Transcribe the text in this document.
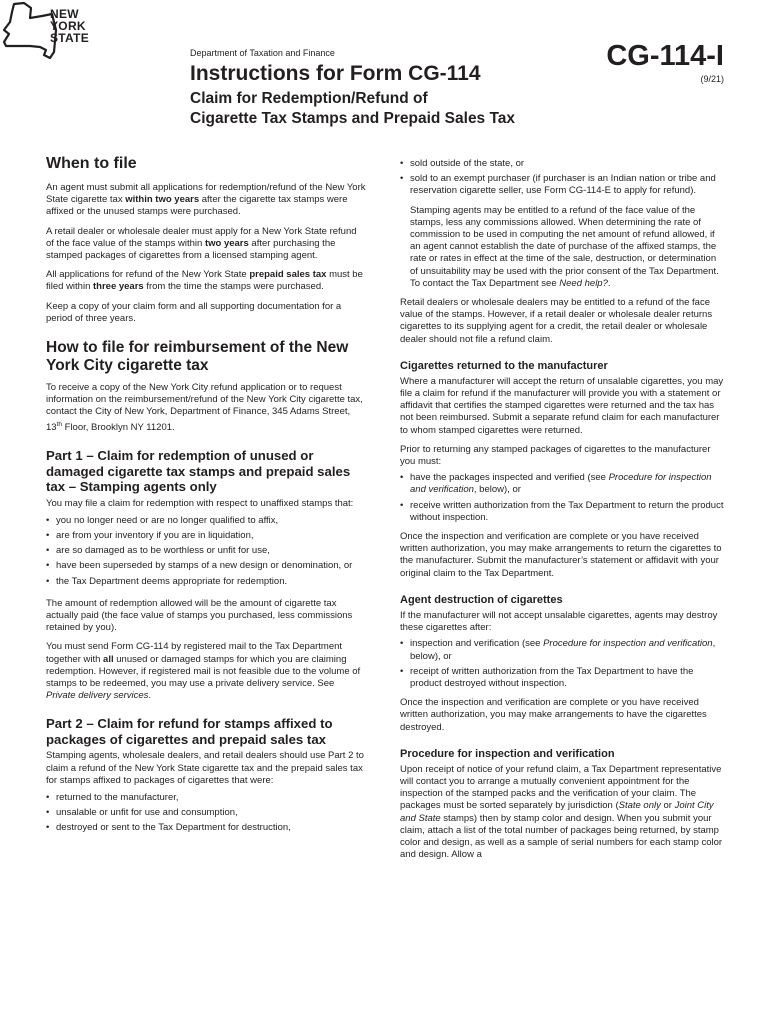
NEW
YORK
STATE
Department of Taxation and Finance
Instructions for Form CG-114
Claim for Redemption/Refund of
Cigarette Tax Stamps and Prepaid Sales Tax
CG-114-I
(9/21)
When to file

An agent must submit all applications for redemption/refund of the New York State cigarette tax within two years after the cigarette tax stamps were affixed or the unused stamps were purchased.

A retail dealer or wholesale dealer must apply for a New York State refund of the face value of the stamps within two years after purchasing the stamped packages of cigarettes from a licensed stamping agent.

All applications for refund of the New York State prepaid sales tax must be filed within three years from the time the stamps were purchased.

Keep a copy of your claim form and all supporting documentation for a period of three years.

How to file for reimbursement of the New York City cigarette tax

To receive a copy of the New York City refund application or to request information on the reimbursement/refund of the New York City cigarette tax, contact the City of New York, Department of Finance, 345 Adams Street, 13th Floor, Brooklyn NY 11201.

Part 1 – Claim for redemption of unused or damaged cigarette tax stamps and prepaid sales tax – Stamping agents only

You may file a claim for redemption with respect to unaffixed stamps that:

• you no longer need or are no longer qualified to affix,
• are from your inventory if you are in liquidation,
• are so damaged as to be worthless or unfit for use,
• have been superseded by stamps of a new design or denomination, or
• the Tax Department deems appropriate for redemption.

The amount of redemption allowed will be the amount of cigarette tax actually paid (the face value of stamps you purchased, less commissions retained by you).

You must send Form CG-114 by registered mail to the Tax Department together with all unused or damaged stamps for which you are claiming redemption. However, if registered mail is not feasible due to the volume of stamps to be redeemed, you may use a private delivery service. See Private delivery services.

Part 2 – Claim for refund for stamps affixed to packages of cigarettes and prepaid sales tax

Stamping agents, wholesale dealers, and retail dealers should use Part 2 to claim a refund of the New York State cigarette tax and the prepaid sales tax for stamps affixed to packages of cigarettes that were:

• returned to the manufacturer,
• unsalable or unfit for use and consumption,
• destroyed or sent to the Tax Department for destruction,
• sold outside of the state, or
• sold to an exempt purchaser (if purchaser is an Indian nation or tribe and reservation cigarette seller, use Form CG-114-E to apply for refund).

Stamping agents may be entitled to a refund of the face value of the stamps, less any commissions allowed. When determining the rate of commission to be used in computing the net amount of refund allowed, if an agent cannot establish the date of purchase of the affixed stamps, the rate or rates in effect at the time of the sale, destruction, or determination of unsuitability may be used with the prior consent of the Tax Department. To contact the Tax Department see Need help?.

Retail dealers or wholesale dealers may be entitled to a refund of the face value of the stamps. However, if a retail dealer or wholesale dealer returns cigarettes to its supplying agent for a credit, the retail dealer or wholesale dealer should not file a refund claim.

Cigarettes returned to the manufacturer

Where a manufacturer will accept the return of unsalable cigarettes, you may file a claim for refund if the manufacturer will provide you with a statement or affidavit that certifies the stamped cigarettes were returned and the tax has not been reimbursed. Submit a separate refund claim for each manufacturer to whom stamped cigarettes were returned.

Prior to returning any stamped packages of cigarettes to the manufacturer you must:

• have the packages inspected and verified (see Procedure for inspection and verification, below), or
• receive written authorization from the Tax Department to return the product without inspection.

Once the inspection and verification are complete or you have received written authorization, you may make arrangements to return the cigarettes to the manufacturer. Submit the manufacturer’s statement or affidavit with your original claim to the Tax Department.

Agent destruction of cigarettes

If the manufacturer will not accept unsalable cigarettes, agents may destroy these cigarettes after:

• inspection and verification (see Procedure for inspection and verification, below), or
• receipt of written authorization from the Tax Department to have the product destroyed without inspection.

Once the inspection and verification are complete or you have received written authorization, you may make arrangements to have the cigarettes destroyed.

Procedure for inspection and verification

Upon receipt of notice of your refund claim, a Tax Department representative will contact you to arrange a mutually convenient appointment for the inspection of the stamped packs and the verification of your claim. The packages must be sorted separately by jurisdiction (State only or Joint City and State stamps) then by stamp color and design. When you submit your claim, attach a list of the total number of packages being returned, by stamp color and design, as well as a sample of serial numbers for each stamp color and design. Allow a
